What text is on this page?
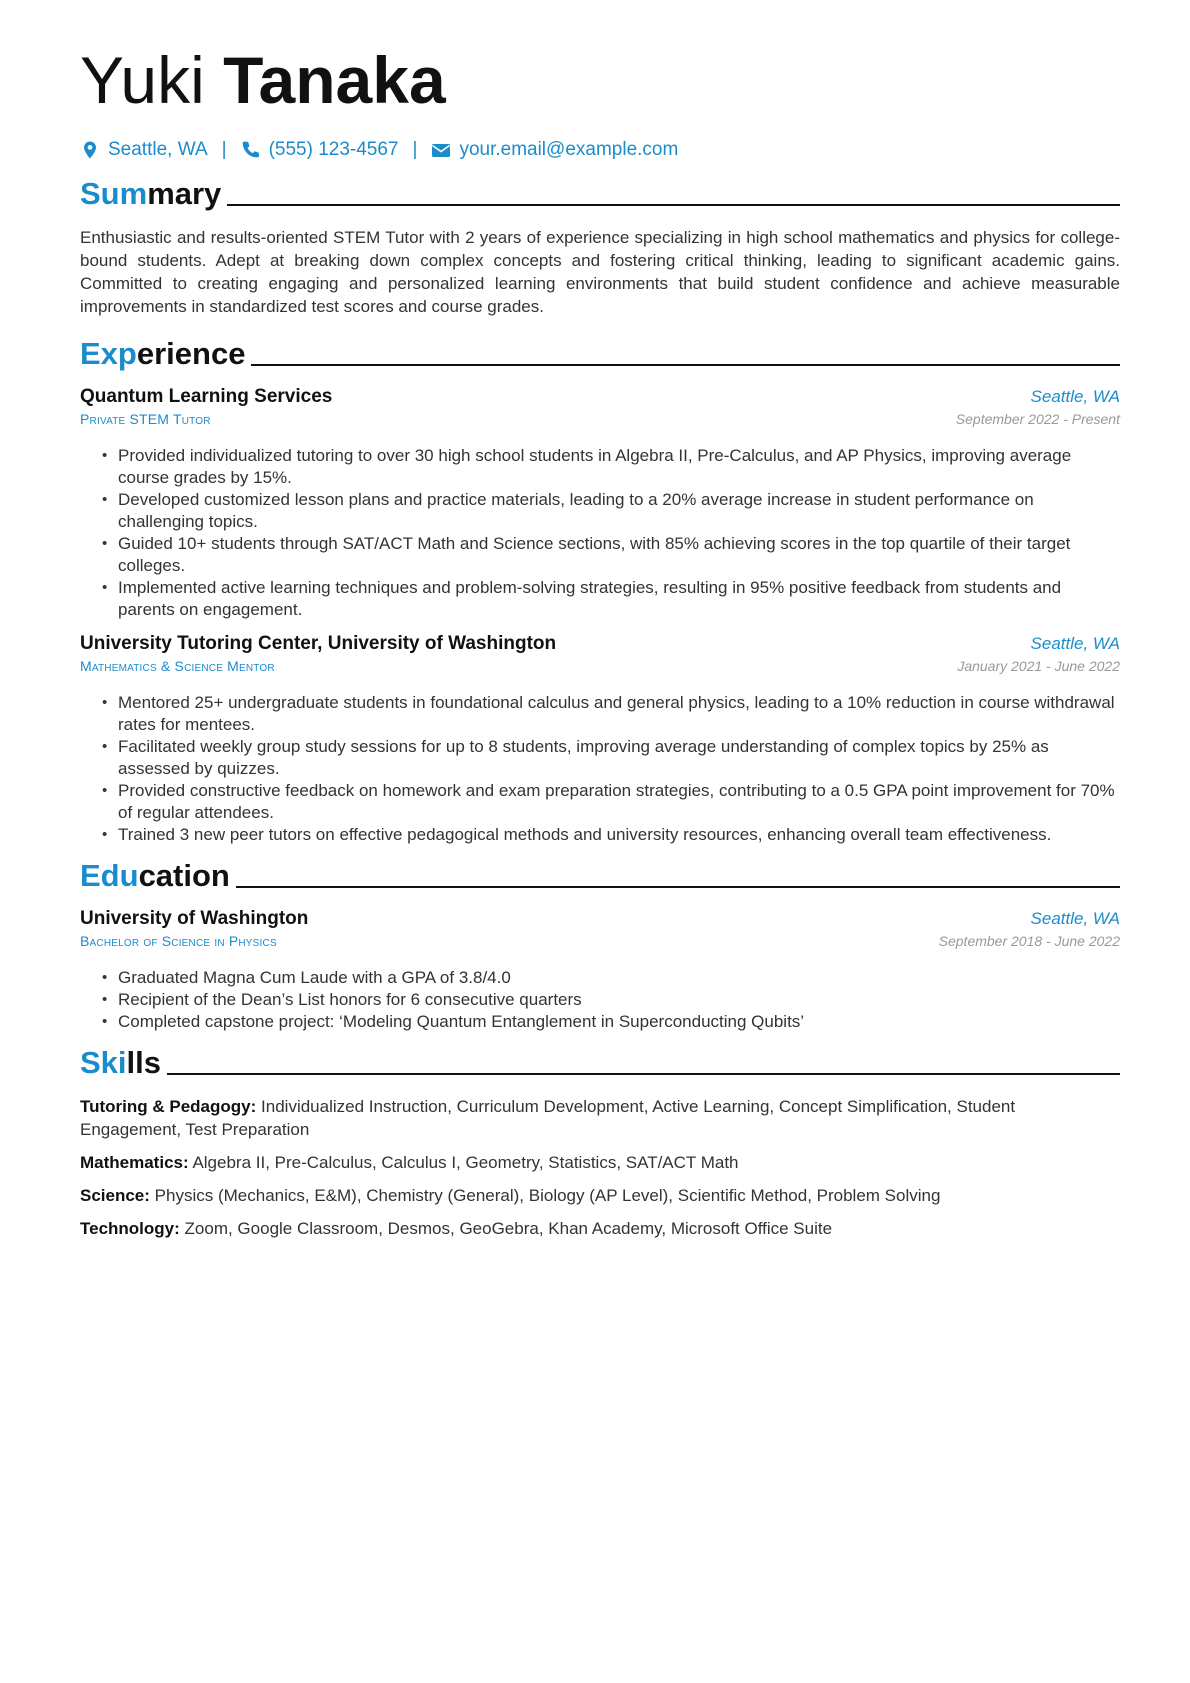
Yuki Tanaka
Seattle, WA | (555) 123-4567 | your.email@example.com
Summary

Enthusiastic and results-oriented STEM Tutor with 2 years of experience specializing in high school mathematics and physics for college-bound students. Adept at breaking down complex concepts and fostering critical thinking, leading to significant academic gains. Committed to creating engaging and personalized learning environments that build student confidence and achieve measurable improvements in standardized test scores and course grades.

Experience
Quantum Learning Services	Seattle, WA
Private STEM Tutor	September 2022 - Present
• Provided individualized tutoring to over 30 high school students in Algebra II, Pre-Calculus, and AP Physics, improving average course grades by 15%.
• Developed customized lesson plans and practice materials, leading to a 20% average increase in student performance on challenging topics.
• Guided 10+ students through SAT/ACT Math and Science sections, with 85% achieving scores in the top quartile of their target colleges.
• Implemented active learning techniques and problem-solving strategies, resulting in 95% positive feedback from students and parents on engagement.
University Tutoring Center, University of Washington	Seattle, WA
Mathematics & Science Mentor	January 2021 - June 2022
• Mentored 25+ undergraduate students in foundational calculus and general physics, leading to a 10% reduction in course withdrawal rates for mentees.
• Facilitated weekly group study sessions for up to 8 students, improving average understanding of complex topics by 25% as assessed by quizzes.
• Provided constructive feedback on homework and exam preparation strategies, contributing to a 0.5 GPA point improvement for 70% of regular attendees.
• Trained 3 new peer tutors on effective pedagogical methods and university resources, enhancing overall team effectiveness.
Education
University of Washington	Seattle, WA
Bachelor of Science in Physics	September 2018 - June 2022
• Graduated Magna Cum Laude with a GPA of 3.8/4.0
• Recipient of the Dean’s List honors for 6 consecutive quarters
• Completed capstone project: ‘Modeling Quantum Entanglement in Superconducting Qubits’
Skills
Tutoring & Pedagogy: Individualized Instruction, Curriculum Development, Active Learning, Concept Simplification, Student Engagement, Test Preparation
Mathematics: Algebra II, Pre-Calculus, Calculus I, Geometry, Statistics, SAT/ACT Math
Science: Physics (Mechanics, E&M), Chemistry (General), Biology (AP Level), Scientific Method, Problem Solving
Technology: Zoom, Google Classroom, Desmos, GeoGebra, Khan Academy, Microsoft Office Suite
